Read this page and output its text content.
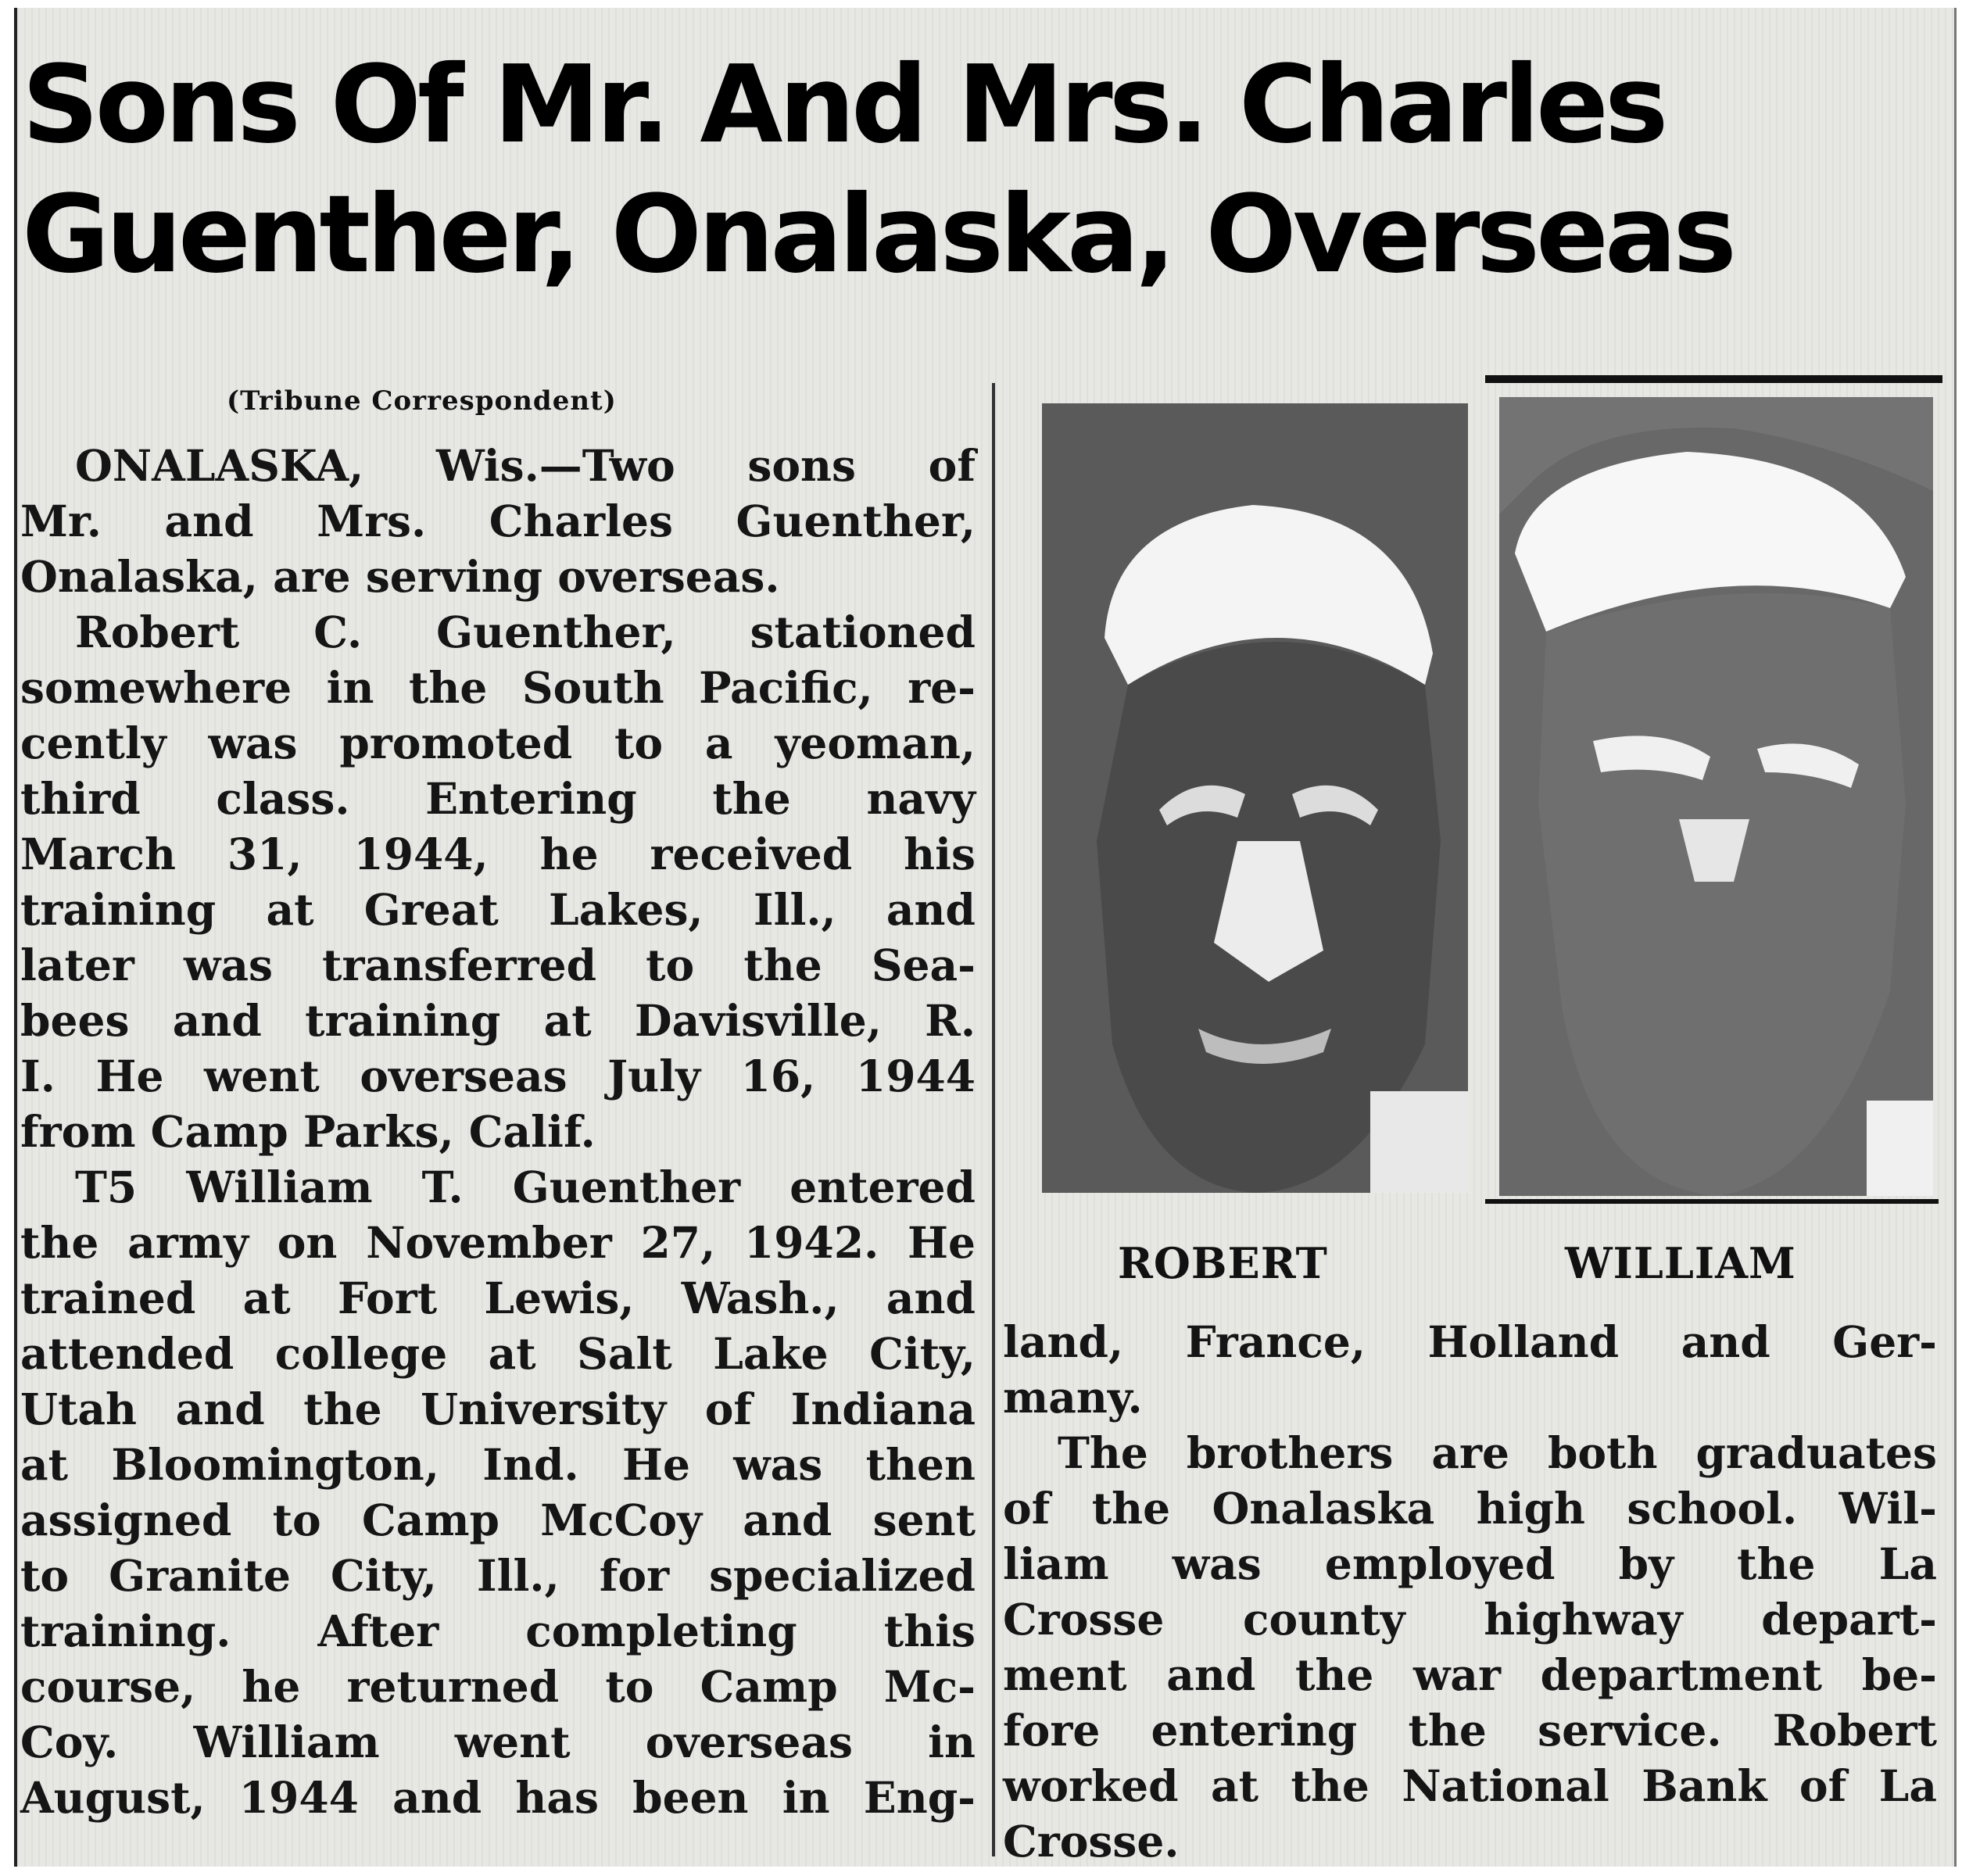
Sons Of Mr. And Mrs. Charles
Guenther, Onalaska, Overseas
(Tribune Correspondent)
ONALASKA, Wis.—Two sons of
Mr. and Mrs. Charles Guenther,
Onalaska, are serving overseas.
Robert C. Guenther, stationed
somewhere in the South Pacific, re-
cently was promoted to a yeoman,
third class. Entering the navy
March 31, 1944, he received his
training at Great Lakes, Ill., and
later was transferred to the Sea-
bees and training at Davisville, R.
I. He went overseas July 16, 1944
from Camp Parks, Calif.
T5 William T. Guenther entered
the army on November 27, 1942. He
trained at Fort Lewis, Wash., and
attended college at Salt Lake City,
Utah and the University of Indiana
at Bloomington, Ind. He was then
assigned to Camp McCoy and sent
to Granite City, Ill., for specialized
training. After completing this
course, he returned to Camp Mc-
Coy. William went overseas in
August, 1944 and has been in Eng-
ROBERT	WILLIAM
land, France, Holland and Ger-
many.
The brothers are both graduates
of the Onalaska high school. Wil-
liam was employed by the La
Crosse county highway depart-
ment and the war department be-
fore entering the service. Robert
worked at the National Bank of La
Crosse.
